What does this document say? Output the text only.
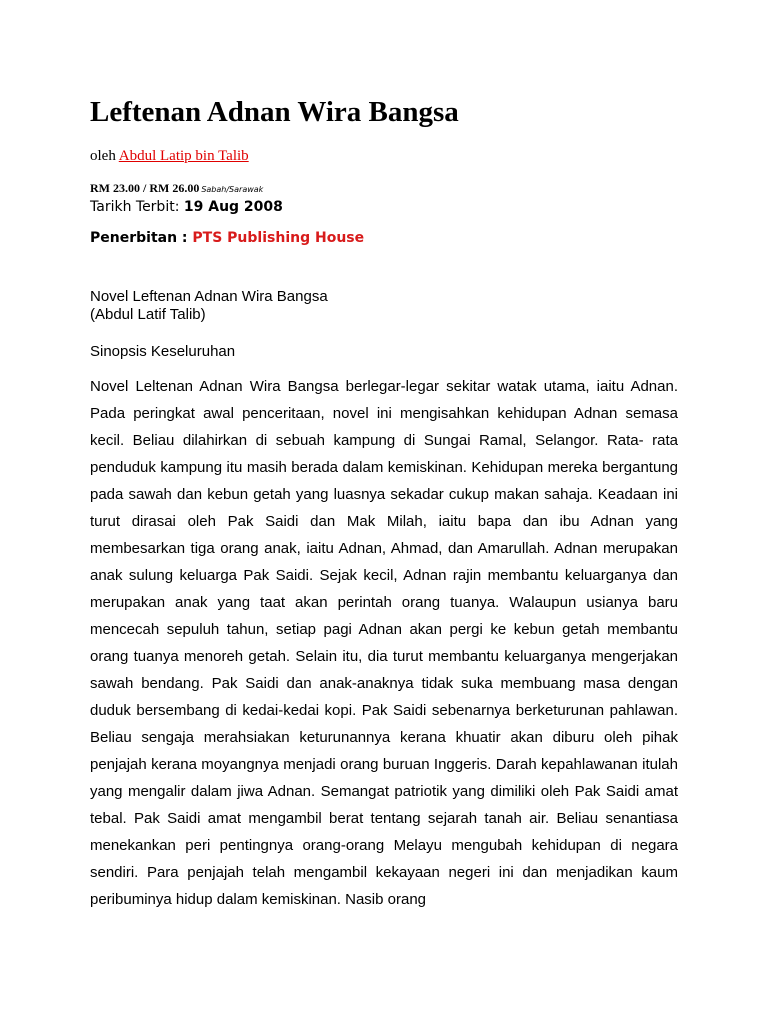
Leftenan Adnan Wira Bangsa
oleh Abdul Latip bin Talib
RM 23.00 / RM 26.00 Sabah/Sarawak
Tarikh Terbit: 19 Aug 2008
Penerbitan : PTS Publishing House
Novel Leftenan Adnan Wira Bangsa
(Abdul Latif Talib)
Sinopsis Keseluruhan

Novel Leltenan Adnan Wira Bangsa berlegar-legar sekitar watak utama, iaitu Adnan. Pada peringkat awal penceritaan, novel ini mengisahkan kehidupan Adnan semasa kecil. Beliau dilahirkan di sebuah kampung di Sungai Ramal, Selangor. Rata- rata penduduk kampung itu masih berada dalam kemiskinan. Kehidupan mereka bergantung pada sawah dan kebun getah yang luasnya sekadar cukup makan sahaja. Keadaan ini turut dirasai oleh Pak Saidi dan Mak Milah, iaitu bapa dan ibu Adnan yang membesarkan tiga orang anak, iaitu Adnan, Ahmad, dan Amarullah. Adnan merupakan anak sulung keluarga Pak Saidi. Sejak kecil, Adnan rajin membantu keluarganya dan merupakan anak yang taat akan perintah orang tuanya. Walaupun usianya baru mencecah sepuluh tahun, setiap pagi Adnan akan pergi ke kebun getah membantu orang tuanya menoreh getah. Selain itu, dia turut membantu keluarganya mengerjakan sawah bendang. Pak Saidi dan anak-anaknya tidak suka membuang masa dengan duduk bersembang di kedai-kedai kopi. Pak Saidi sebenarnya berketurunan pahlawan. Beliau sengaja merahsiakan keturunannya kerana khuatir akan diburu oleh pihak penjajah kerana moyangnya menjadi orang buruan Inggeris. Darah kepahlawanan itulah yang mengalir dalam jiwa Adnan. Semangat patriotik yang dimiliki oleh Pak Saidi amat tebal. Pak Saidi amat mengambil berat tentang sejarah tanah air. Beliau senantiasa menekankan peri pentingnya orang-orang Melayu mengubah kehidupan di negara sendiri. Para penjajah telah mengambil kekayaan negeri ini dan menjadikan kaum peribuminya hidup dalam kemiskinan. Nasib orang
